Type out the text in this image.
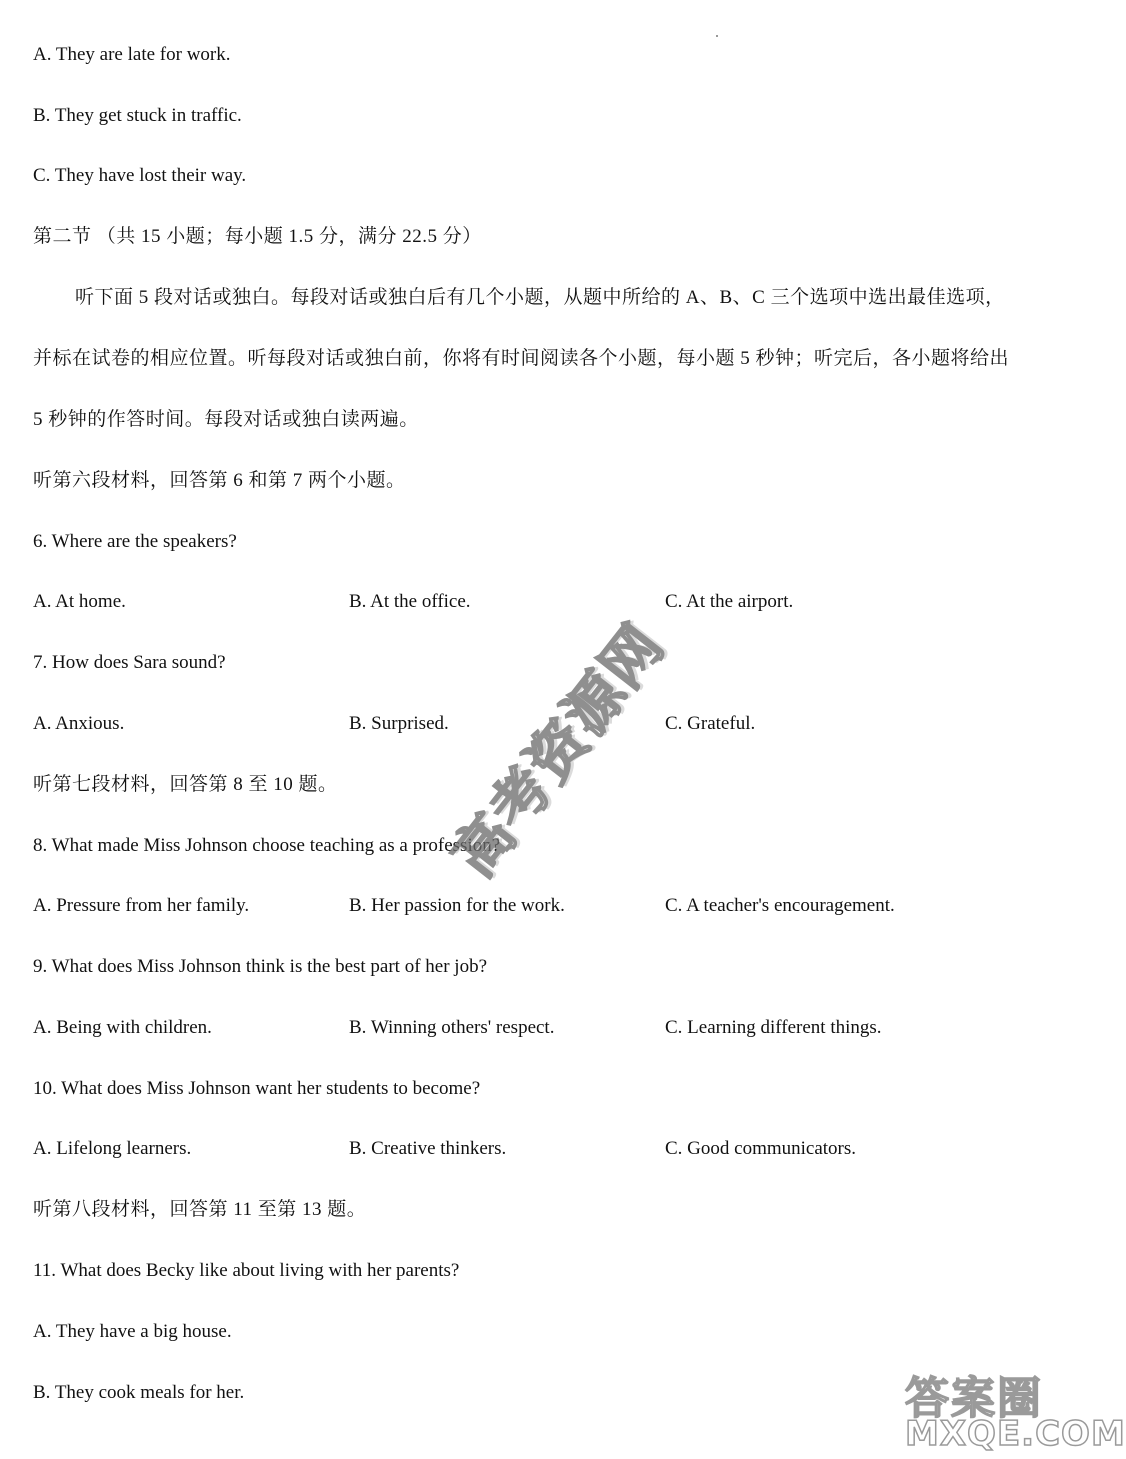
A. They are late for work.
B. They get stuck in traffic.
C. They have lost their way.
第二节 （共 15 小题；每小题 1.5 分，满分 22.5 分）
听下面 5 段对话或独白。每段对话或独白后有几个小题，从题中所给的 A、B、C 三个选项中选出最佳选项，
并标在试卷的相应位置。听每段对话或独白前，你将有时间阅读各个小题，每小题 5 秒钟；听完后，各小题将给出
5 秒钟的作答时间。每段对话或独白读两遍。
听第六段材料，回答第 6 和第 7 两个小题。
6. Where are the speakers?
A. At home.	B. At the office.	C. At the airport.
7. How does Sara sound?
A. Anxious.	B. Surprised.	C. Grateful.
听第七段材料，回答第 8 至 10 题。
8. What made Miss Johnson choose teaching as a profession?
A. Pressure from her family.	B. Her passion for the work.	C. A teacher's encouragement.
9. What does Miss Johnson think is the best part of her job?
A. Being with children.	B. Winning others' respect.	C. Learning different things.
10. What does Miss Johnson want her students to become?
A. Lifelong learners.	B. Creative thinkers.	C. Good communicators.
听第八段材料，回答第 11 至第 13 题。
11. What does Becky like about living with her parents?
A. They have a big house.
B. They cook meals for her.
高考资源网
答案圈
MXQE.COM
